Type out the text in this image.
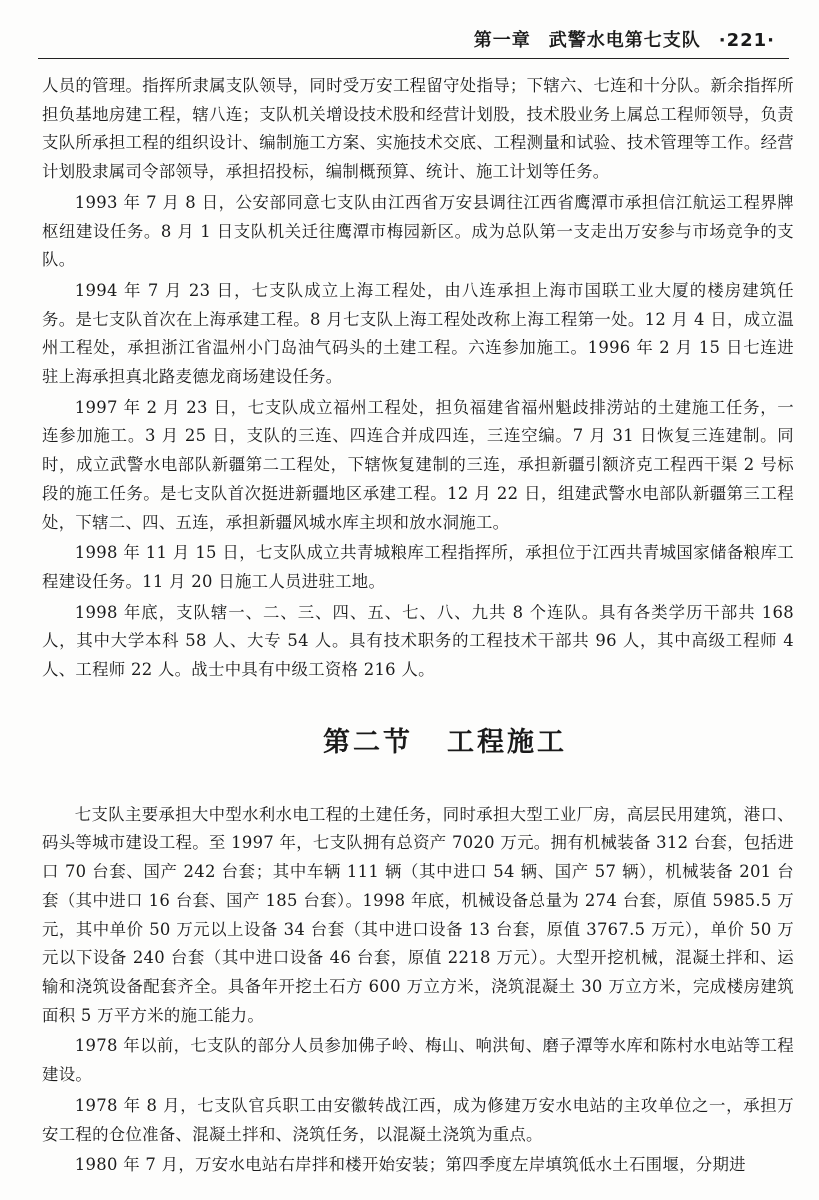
第一章 武警水电第七支队 ·221·

人员的管理。指挥所隶属支队领导，同时受万安工程留守处指导；下辖六、七连和十分队。新余指挥所担负基地房建工程，辖八连；支队机关增设技术股和经营计划股，技术股业务上属总工程师领导，负责支队所承担工程的组织设计、编制施工方案、实施技术交底、工程测量和试验、技术管理等工作。经营计划股隶属司令部领导，承担招投标，编制概预算、统计、施工计划等任务。

1993 年 7 月 8 日，公安部同意七支队由江西省万安县调往江西省鹰潭市承担信江航运工程界牌枢纽建设任务。8 月 1 日支队机关迁往鹰潭市梅园新区。成为总队第一支走出万安参与市场竞争的支队。

1994 年 7 月 23 日，七支队成立上海工程处，由八连承担上海市国联工业大厦的楼房建筑任务。是七支队首次在上海承建工程。8 月七支队上海工程处改称上海工程第一处。12 月 4 日，成立温州工程处，承担浙江省温州小门岛油气码头的土建工程。六连参加施工。1996 年 2 月 15 日七连进驻上海承担真北路麦德龙商场建设任务。

1997 年 2 月 23 日，七支队成立福州工程处，担负福建省福州魁歧排涝站的土建施工任务，一连参加施工。3 月 25 日，支队的三连、四连合并成四连，三连空编。7 月 31 日恢复三连建制。同时，成立武警水电部队新疆第二工程处，下辖恢复建制的三连，承担新疆引额济克工程西干渠 2 号标段的施工任务。是七支队首次挺进新疆地区承建工程。12 月 22 日，组建武警水电部队新疆第三工程处，下辖二、四、五连，承担新疆风城水库主坝和放水洞施工。

1998 年 11 月 15 日，七支队成立共青城粮库工程指挥所，承担位于江西共青城国家储备粮库工程建设任务。11 月 20 日施工人员进驻工地。

1998 年底，支队辖一、二、三、四、五、七、八、九共 8 个连队。具有各类学历干部共 168 人，其中大学本科 58 人、大专 54 人。具有技术职务的工程技术干部共 96 人，其中高级工程师 4 人、工程师 22 人。战士中具有中级工资格 216 人。

第二节 工程施工

七支队主要承担大中型水利水电工程的土建任务，同时承担大型工业厂房，高层民用建筑，港口、码头等城市建设工程。至 1997 年，七支队拥有总资产 7020 万元。拥有机械装备 312 台套，包括进口 70 台套、国产 242 台套；其中车辆 111 辆（其中进口 54 辆、国产 57 辆），机械装备 201 台套（其中进口 16 台套、国产 185 台套）。1998 年底，机械设备总量为 274 台套，原值 5985.5 万元，其中单价 50 万元以上设备 34 台套（其中进口设备 13 台套，原值 3767.5 万元），单价 50 万元以下设备 240 台套（其中进口设备 46 台套，原值 2218 万元）。大型开挖机械，混凝土拌和、运输和浇筑设备配套齐全。具备年开挖土石方 600 万立方米，浇筑混凝土 30 万立方米，完成楼房建筑面积 5 万平方米的施工能力。

1978 年以前，七支队的部分人员参加佛子岭、梅山、响洪甸、磨子潭等水库和陈村水电站等工程建设。

1978 年 8 月，七支队官兵职工由安徽转战江西，成为修建万安水电站的主攻单位之一，承担万安工程的仓位准备、混凝土拌和、浇筑任务，以混凝土浇筑为重点。

1980 年 7 月，万安水电站右岸拌和楼开始安装；第四季度左岸填筑低水土石围堰，分期进
